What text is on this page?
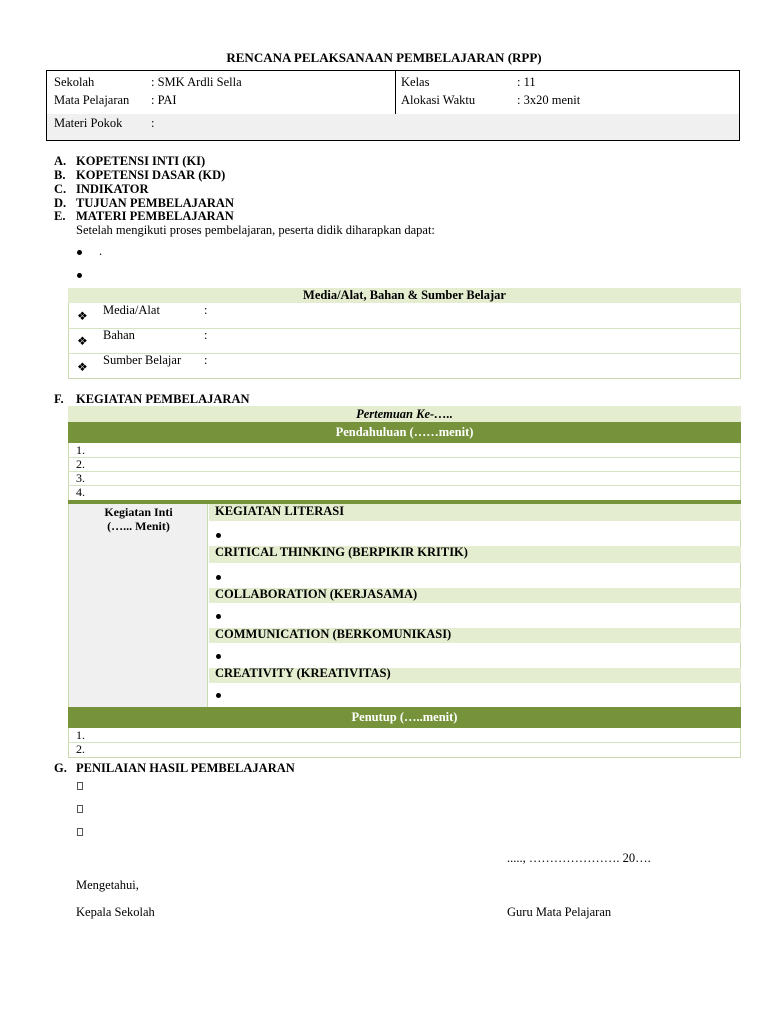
RENCANA PELAKSANAAN PEMBELAJARAN (RPP)
Sekolah	: SMK Ardli Sella
Mata Pelajaran : PAI
Kelas	: 11
Alokasi Waktu	: 3x20 menit
Materi Pokok :
A. KOPETENSI INTI (KI)
B. KOPETENSI DASAR (KD)
C. INDIKATOR
D. TUJUAN PEMBELAJARAN
E. MATERI PEMBELAJARAN
Setelah mengikuti proses pembelajaran, peserta didik diharapkan dapat:
.
Media/Alat, Bahan & Sumber Belajar
❖ Media/Alat	:
❖ Bahan	:
❖ Sumber Belajar :
F. KEGIATAN PEMBELAJARAN
Pertemuan Ke-…..
Pendahuluan (……menit)
1.
2.
3.
4.
Kegiatan Inti
(…... Menit)
KEGIATAN LITERASI
CRITICAL THINKING (BERPIKIR KRITIK)
COLLABORATION (KERJASAMA)
COMMUNICATION (BERKOMUNIKASI)
CREATIVITY (KREATIVITAS)
Penutup (…..menit)
1.
2.
G. PENILAIAN HASIL PEMBELAJARAN
....., …………………. 20….
Mengetahui,
Kepala Sekolah	Guru Mata Pelajaran
